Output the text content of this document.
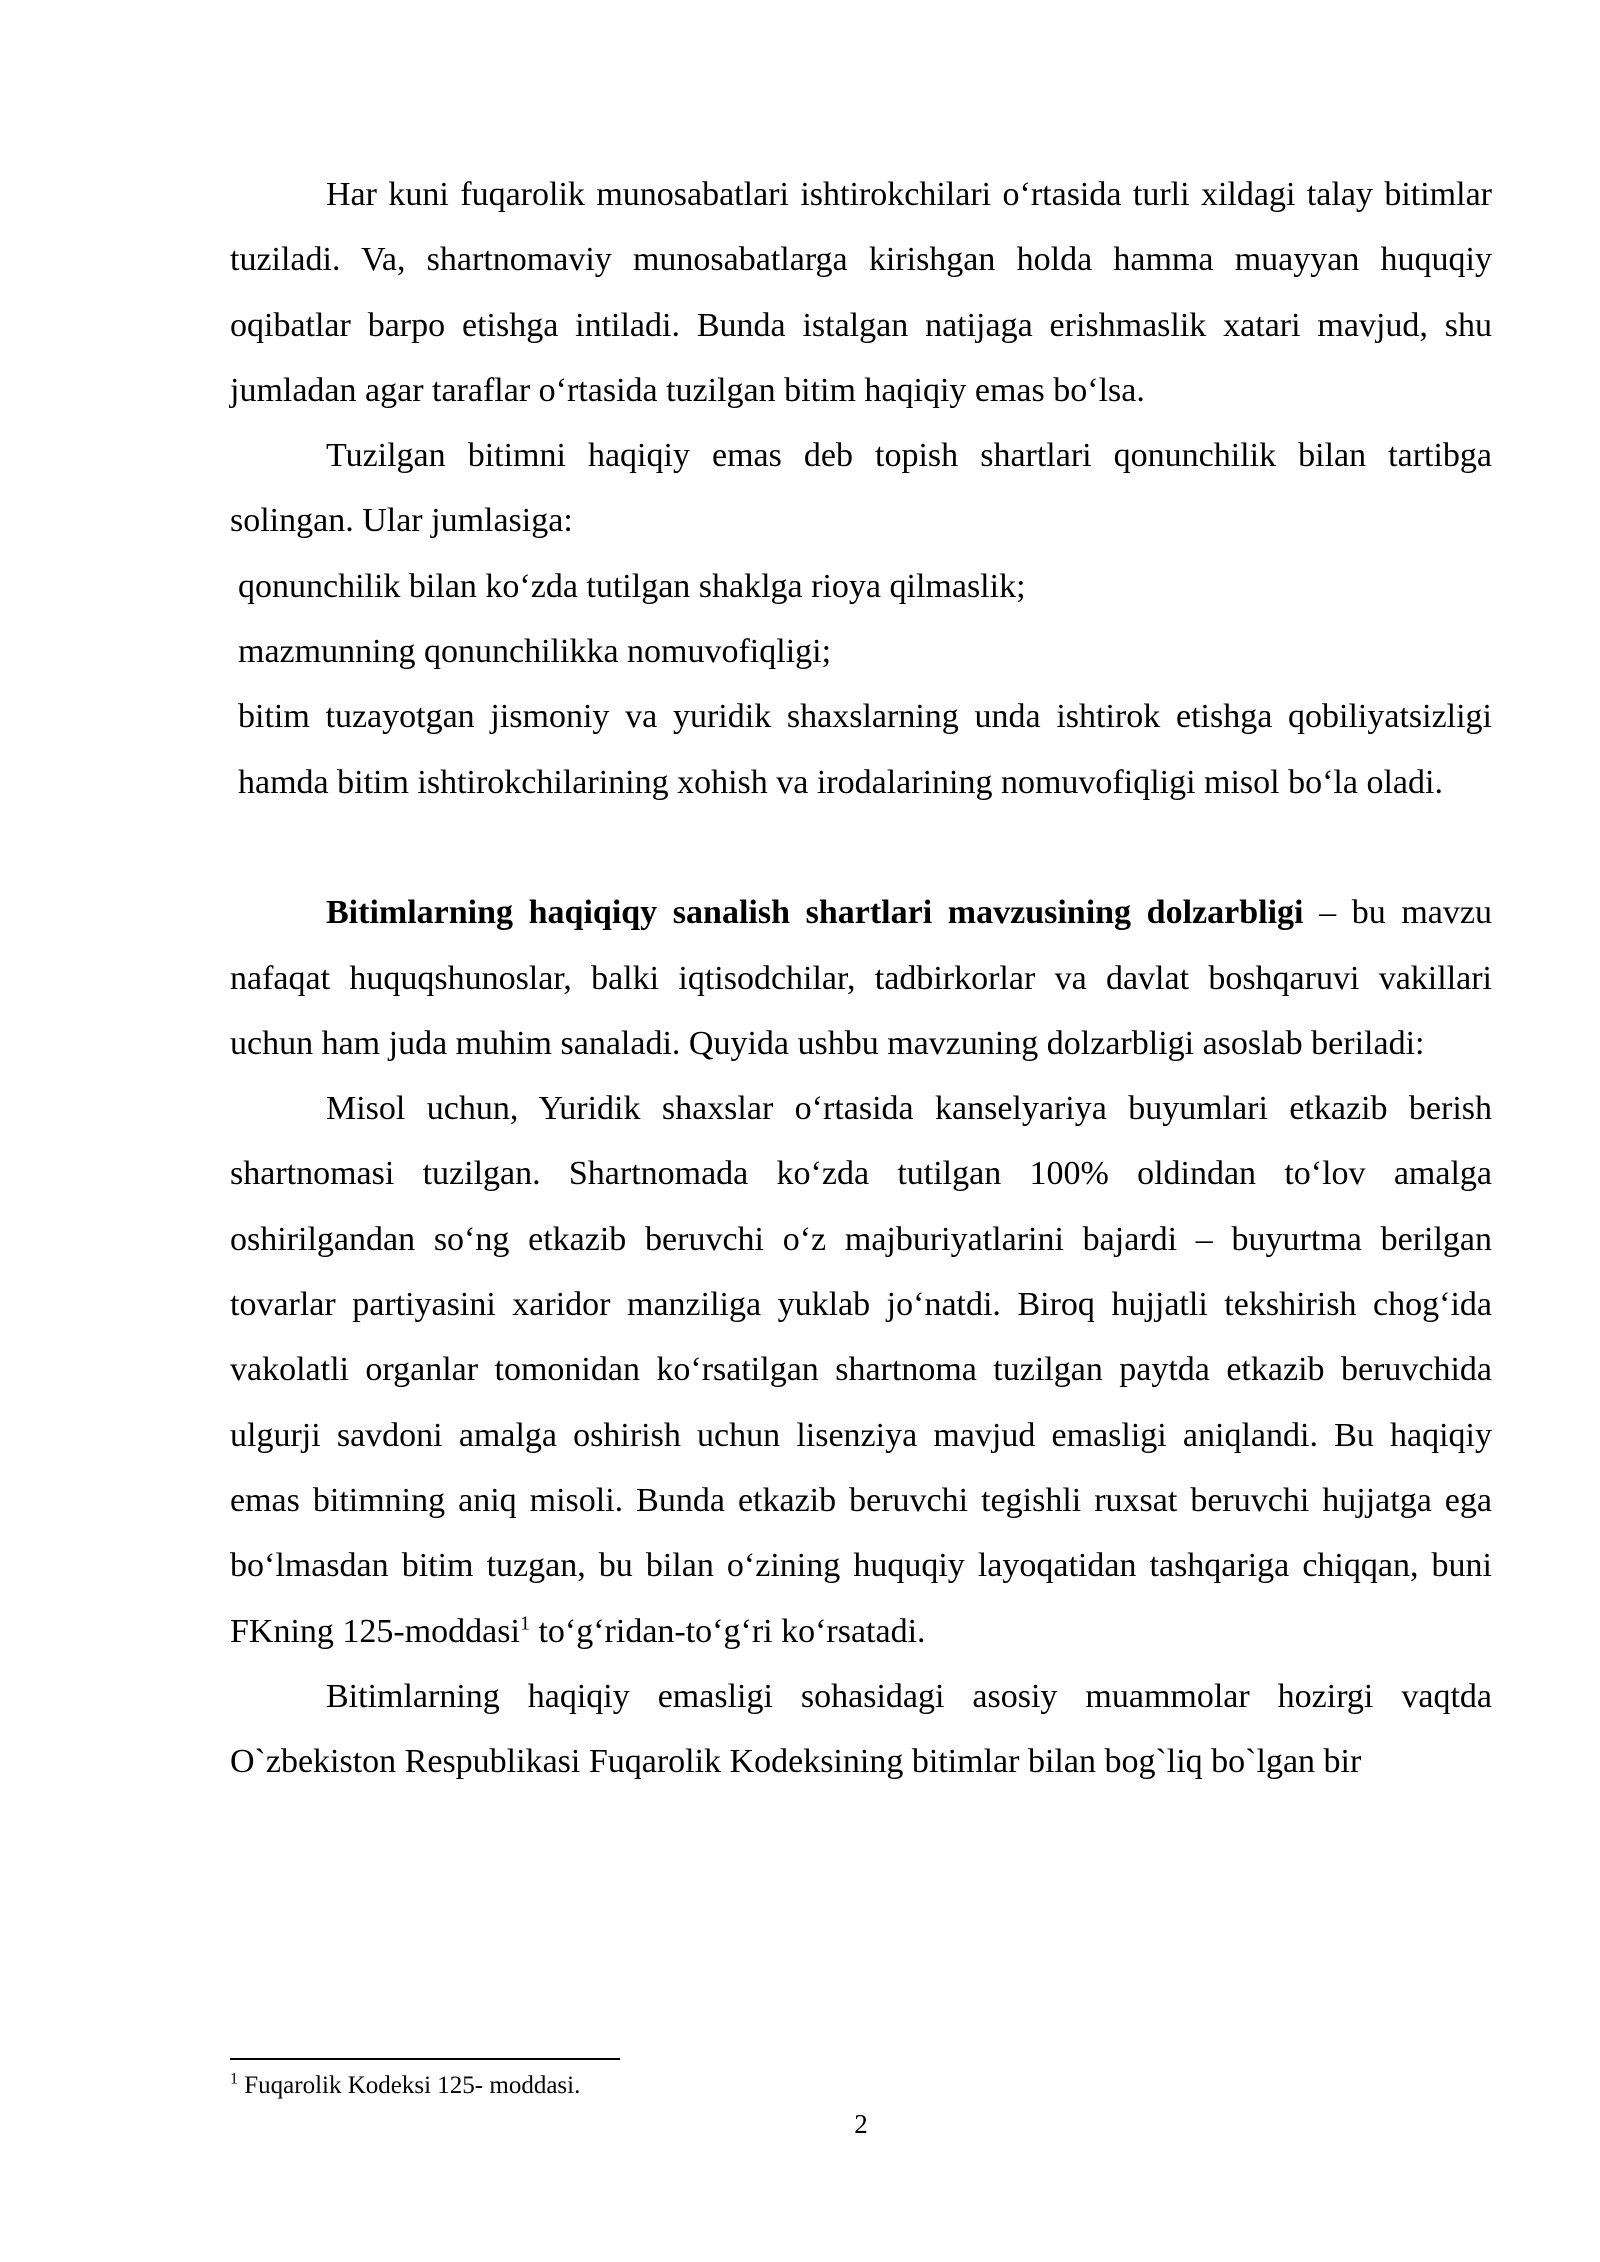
Har kuni fuqarolik munosabatlari ishtirokchilari o‘rtasida turli xildagi talay bitimlar tuziladi. Va, shartnomaviy munosabatlarga kirishgan holda hamma muayyan huquqiy oqibatlar barpo etishga intiladi. Bunda istalgan natijaga erishmaslik xatari mavjud, shu jumladan agar taraflar o‘rtasida tuzilgan bitim haqiqiy emas bo‘lsa.

Tuzilgan bitimni haqiqiy emas deb topish shartlari qonunchilik bilan tartibga solingan. Ular jumlasiga:

qonunchilik bilan ko‘zda tutilgan shaklga rioya qilmaslik;

mazmunning qonunchilikka nomuvofiqligi;

bitim tuzayotgan jismoniy va yuridik shaxslarning unda ishtirok etishga qobiliyatsizligi hamda bitim ishtirokchilarining xohish va irodalarining nomuvofiqligi misol bo‘la oladi.

Bitimlarning haqiqiqy sanalish shartlari mavzusining dolzarbligi – bu mavzu nafaqat huquqshunoslar, balki iqtisodchilar, tadbirkorlar va davlat boshqaruvi vakillari uchun ham juda muhim sanaladi. Quyida ushbu mavzuning dolzarbligi asoslab beriladi:

Misol uchun, Yuridik shaxslar o‘rtasida kanselyariya buyumlari etkazib berish shartnomasi tuzilgan. Shartnomada ko‘zda tutilgan 100% oldindan to‘lov amalga oshirilgandan so‘ng etkazib beruvchi o‘z majburiyatlarini bajardi – buyurtma berilgan tovarlar partiyasini xaridor manziliga yuklab jo‘natdi. Biroq hujjatli tekshirish chog‘ida vakolatli organlar tomonidan ko‘rsatilgan shartnoma tuzilgan paytda etkazib beruvchida ulgurji savdoni amalga oshirish uchun lisenziya mavjud emasligi aniqlandi. Bu haqiqiy emas bitimning aniq misoli. Bunda etkazib beruvchi tegishli ruxsat beruvchi hujjatga ega bo‘lmasdan bitim tuzgan, bu bilan o‘zining huquqiy layoqatidan tashqariga chiqqan, buni FKning 125-moddasi$^1$ to‘g‘ridan-to‘g‘ri ko‘rsatadi.

Bitimlarning haqiqiy emasligi sohasidagi asosiy muammolar hozirgi vaqtda O`zbekiston Respublikasi Fuqarolik Kodeksining bitimlar bilan bog`liq bo`lgan bir

$^1$ Fuqarolik Kodeksi 125- moddasi.

2
